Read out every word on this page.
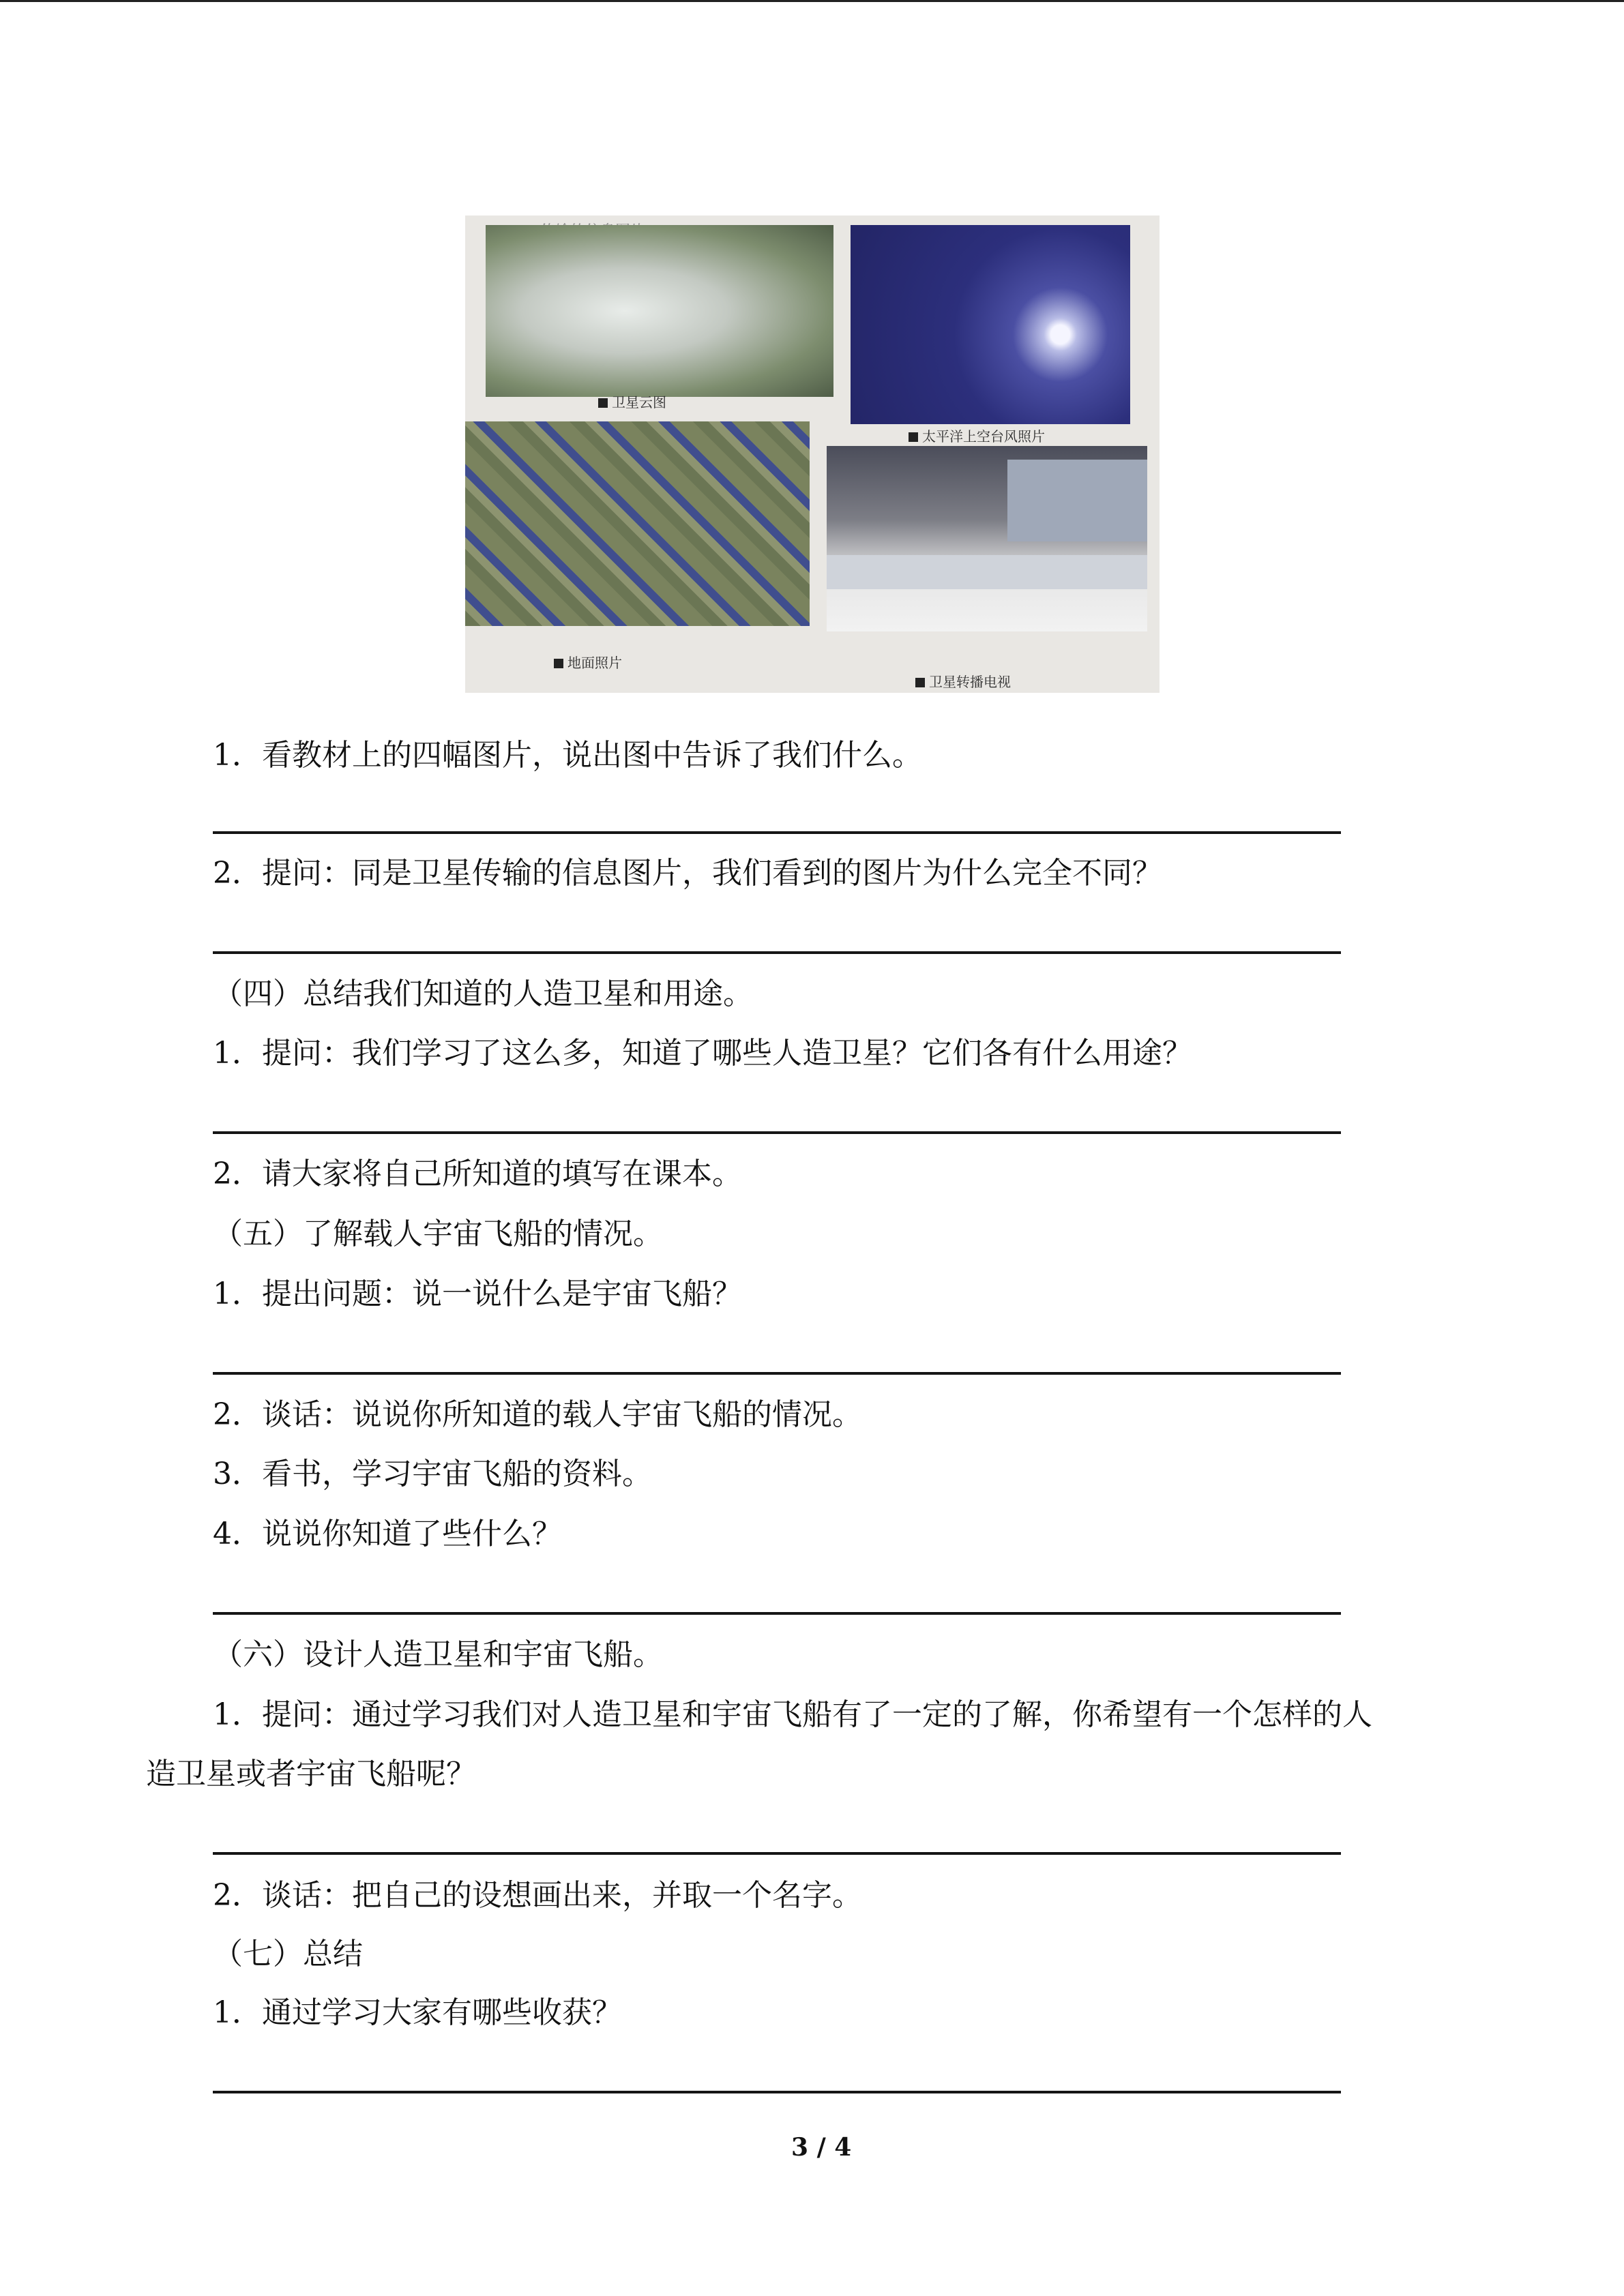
卫星云图
太平洋上空台风照片
地面照片
卫星转播电视
1．看教材上的四幅图片，说出图中告诉了我们什么。
2．提问：同是卫星传输的信息图片，我们看到的图片为什么完全不同？
（四）总结我们知道的人造卫星和用途。
1．提问：我们学习了这么多，知道了哪些人造卫星？它们各有什么用途？
2．请大家将自己所知道的填写在课本。
（五）了解载人宇宙飞船的情况。
1．提出问题：说一说什么是宇宙飞船？
2．谈话：说说你所知道的载人宇宙飞船的情况。
3．看书，学习宇宙飞船的资料。
4．说说你知道了些什么？
（六）设计人造卫星和宇宙飞船。
1．提问：通过学习我们对人造卫星和宇宙飞船有了一定的了解，你希望有一个怎样的人
造卫星或者宇宙飞船呢？
2．谈话：把自己的设想画出来，并取一个名字。
（七）总结
1．通过学习大家有哪些收获？
3 / 4
